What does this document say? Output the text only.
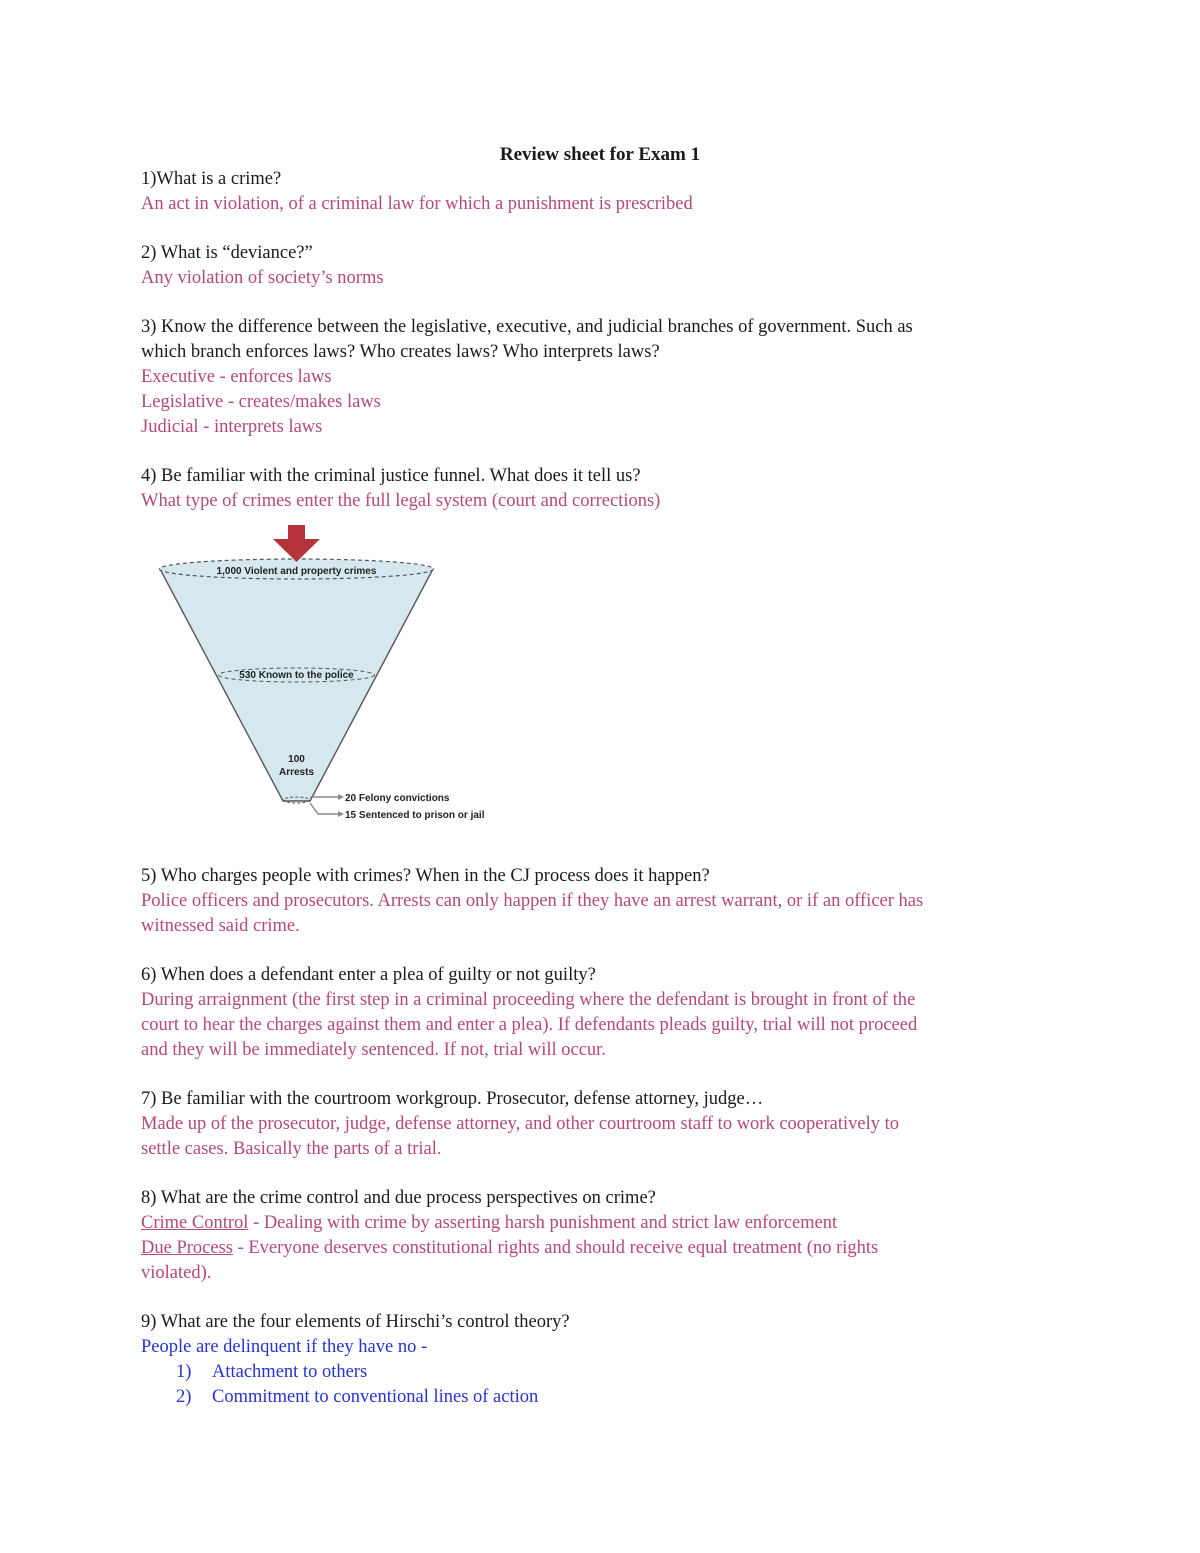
Review sheet for Exam 1
1)What is a crime?
An act in violation, of a criminal law for which a punishment is prescribed
2) What is “deviance?”
Any violation of society’s norms
3) Know the difference between the legislative, executive, and judicial branches of government. Such as
which branch enforces laws? Who creates laws? Who interprets laws?
Executive - enforces laws
Legislative - creates/makes laws
Judicial - interprets laws
4) Be familiar with the criminal justice funnel. What does it tell us?
What type of crimes enter the full legal system (court and corrections)
1,000 Violent and property crimes
530 Known to the police
100
Arrests
20 Felony convictions
15 Sentenced to prison or jail
5) Who charges people with crimes? When in the CJ process does it happen?
Police officers and prosecutors. Arrests can only happen if they have an arrest warrant, or if an officer has
witnessed said crime.
6) When does a defendant enter a plea of guilty or not guilty?
During arraignment (the first step in a criminal proceeding where the defendant is brought in front of the
court to hear the charges against them and enter a plea). If defendants pleads guilty, trial will not proceed
and they will be immediately sentenced. If not, trial will occur.
7) Be familiar with the courtroom workgroup. Prosecutor, defense attorney, judge…
Made up of the prosecutor, judge, defense attorney, and other courtroom staff to work cooperatively to
settle cases. Basically the parts of a trial.
8) What are the crime control and due process perspectives on crime?
Crime Control - Dealing with crime by asserting harsh punishment and strict law enforcement
Due Process - Everyone deserves constitutional rights and should receive equal treatment (no rights
violated).
9) What are the four elements of Hirschi’s control theory?
People are delinquent if they have no -
1) Attachment to others
2) Commitment to conventional lines of action
